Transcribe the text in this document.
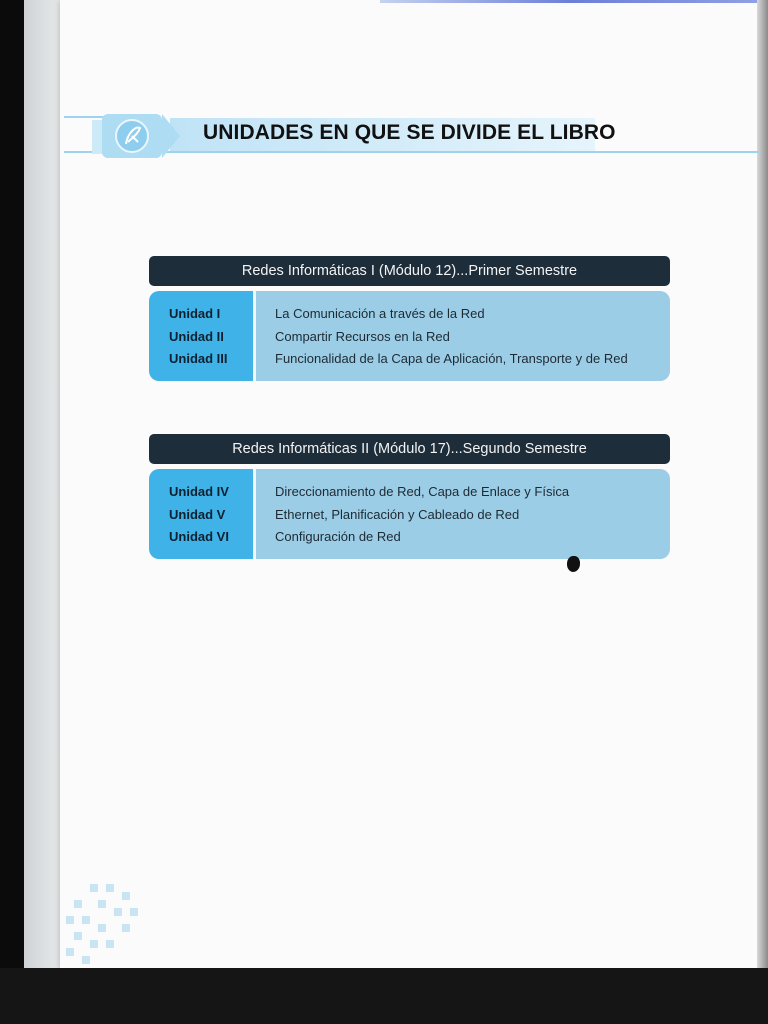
UNIDADES EN QUE SE DIVIDE EL LIBRO
Redes Informáticas I (Módulo 12)...Primer Semestre
Unidad I
Unidad II
Unidad III
La Comunicación a través de la Red
Compartir Recursos en la Red
Funcionalidad de la Capa de Aplicación, Transporte y de Red
Redes Informáticas II (Módulo 17)...Segundo Semestre
Unidad IV
Unidad V
Unidad VI
Direccionamiento de Red, Capa de Enlace y Física
Ethernet, Planificación y Cableado de Red
Configuración de Red
